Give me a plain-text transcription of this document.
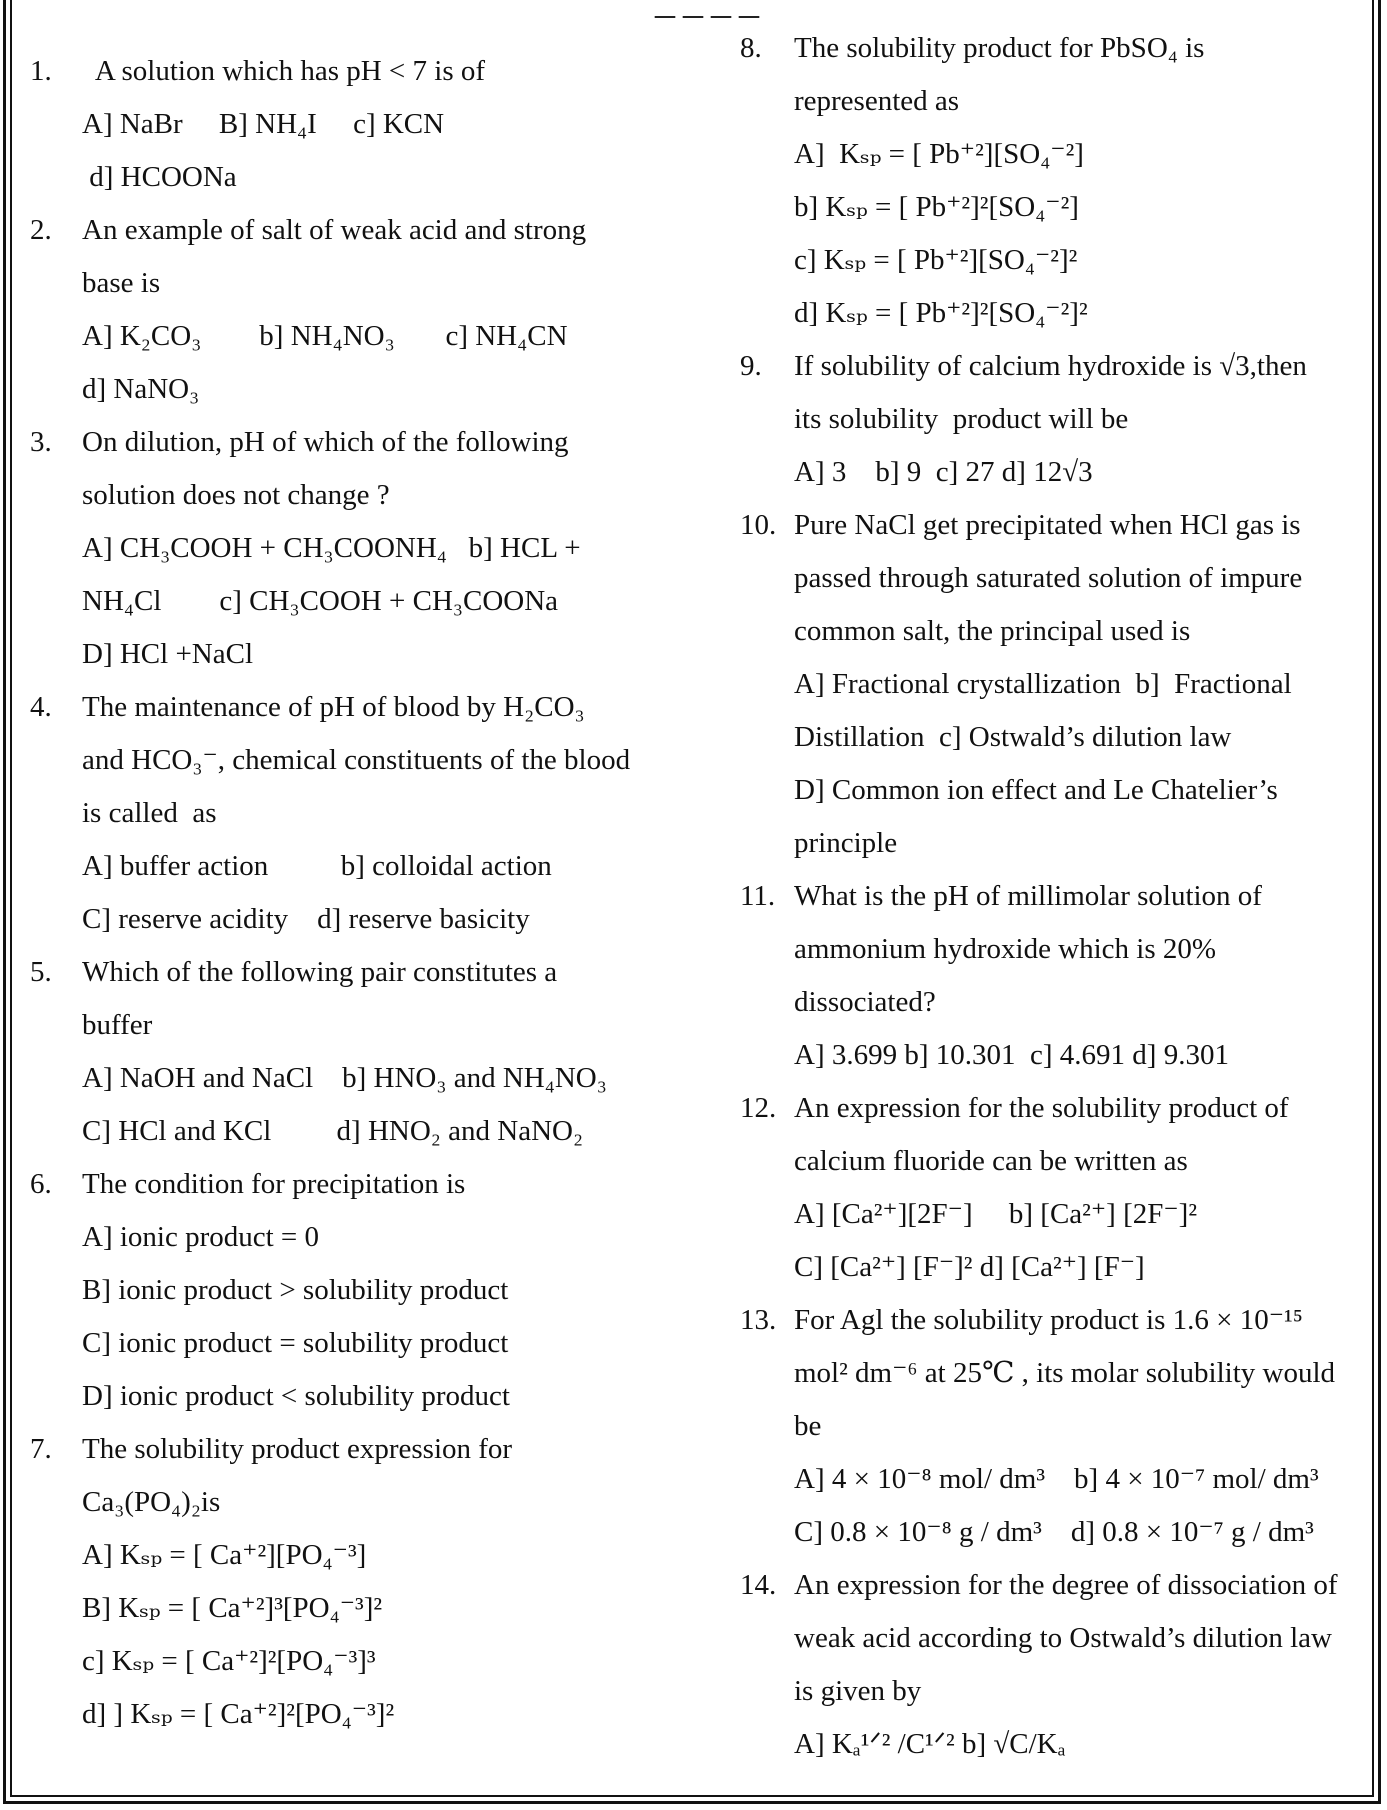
1.	A solution which has pH < 7 is of
A] NaBr     B] NH₄I     c] KCN
d] HCOONa
2.	An example of salt of weak acid and strong
base is
A] K₂CO₃        b] NH₄NO₃       c] NH₄CN
d] NaNO₃
3.	On dilution, pH of which of the following
solution does not change ?
A] CH₃COOH + CH₃COONH₄   b] HCL +
NH₄Cl        c] CH₃COOH + CH₃COONa
D] HCl +NaCl
4.	The maintenance of pH of blood by H₂CO₃
and HCO₃⁻, chemical constituents of the blood
is called  as
A] buffer action          b] colloidal action
C] reserve acidity    d] reserve basicity
5.	Which of the following pair constitutes a
buffer
A] NaOH and NaCl    b] HNO₃ and NH₄NO₃
C] HCl and KCl         d] HNO₂ and NaNO₂
6.	The condition for precipitation is
A] ionic product = 0
B] ionic product > solubility product
C] ionic product = solubility product
D] ionic product < solubility product
7.	The solubility product expression for
Ca₃(PO₄)₂is
A] Kₛₚ = [ Ca⁺²][PO₄⁻³]
B] Kₛₚ = [ Ca⁺²]³[PO₄⁻³]²
c] Kₛₚ = [ Ca⁺²]²[PO₄⁻³]³
d] ] Kₛₚ = [ Ca⁺²]²[PO₄⁻³]²
8.	The solubility product for PbSO₄ is
represented as
A]  Kₛₚ = [ Pb⁺²][SO₄⁻²]
b] Kₛₚ = [ Pb⁺²]²[SO₄⁻²]
c] Kₛₚ = [ Pb⁺²][SO₄⁻²]²
d] Kₛₚ = [ Pb⁺²]²[SO₄⁻²]²
9.	If solubility of calcium hydroxide is √3,then
its solubility  product will be
A] 3    b] 9  c] 27 d] 12√3
10. Pure NaCl get precipitated when HCl gas is
passed through saturated solution of impure
common salt, the principal used is
A] Fractional crystallization  b]  Fractional
Distillation  c] Ostwald’s dilution law
D] Common ion effect and Le Chatelier’s
principle
11. What is the pH of millimolar solution of
ammonium hydroxide which is 20%
dissociated?
A] 3.699 b] 10.301  c] 4.691 d] 9.301
12. An expression for the solubility product of
calcium fluoride can be written as
A] [Ca²⁺][2F⁻]     b] [Ca²⁺] [2F⁻]²
C] [Ca²⁺] [F⁻]² d] [Ca²⁺] [F⁻]
13. For Agl the solubility product is 1.6 × 10⁻¹⁵
mol² dm⁻⁶ at 25℃ , its molar solubility would
be
A] 4 × 10⁻⁸ mol/ dm³    b] 4 × 10⁻⁷ mol/ dm³
C] 0.8 × 10⁻⁸ g / dm³    d] 0.8 × 10⁻⁷ g / dm³
14. An expression for the degree of dissociation of
weak acid according to Ostwald’s dilution law
is given by
A] Kₐ¹ᐟ² /C¹ᐟ² b] √C/Kₐ
